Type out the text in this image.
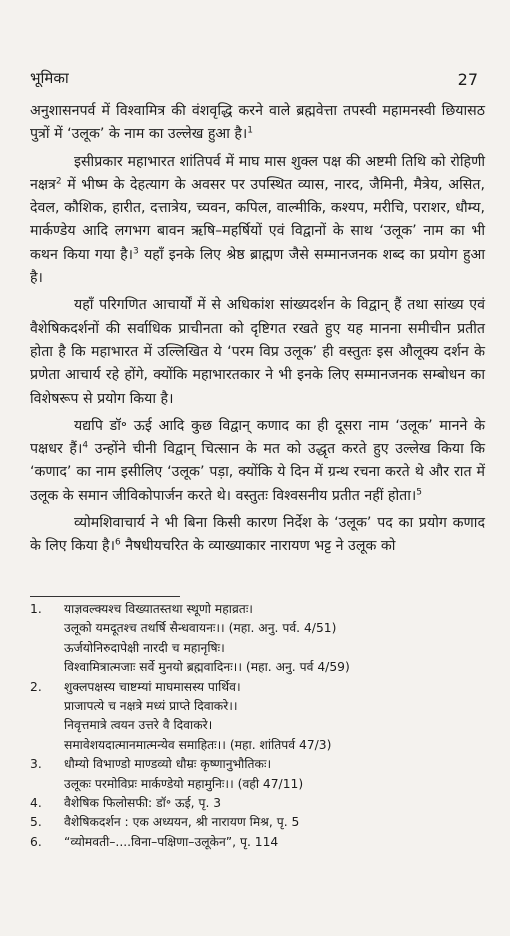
भूमिका	27

अनुशासनपर्व में विश्वामित्र की वंशवृद्धि करने वाले ब्रह्मवेत्ता तपस्वी महामनस्वी छियासठ पुत्रों में ‘उलूक’ के नाम का उल्लेख हुआ है।$^1$

इसीप्रकार महाभारत शांतिपर्व में माघ मास शुक्ल पक्ष की अष्टमी तिथि को रोहिणी नक्षत्र$^2$ में भीष्म के देहत्याग के अवसर पर उपस्थित व्यास, नारद, जैमिनी, मैत्रेय, असित, देवल, कौशिक, हारीत, दत्तात्रेय, च्यवन, कपिल, वाल्मीकि, कश्यप, मरीचि, पराशर, धौम्य, मार्कण्डेय आदि लगभग बावन ऋषि–महर्षियों एवं विद्वानों के साथ ‘उलूक’ नाम का भी कथन किया गया है।$^3$ यहाँ इनके लिए श्रेष्ठ ब्राह्मण जैसे सम्मानजनक शब्द का प्रयोग हुआ है।

यहाँ परिगणित आचार्यों में से अधिकांश सांख्यदर्शन के विद्वान् हैं तथा सांख्य एवं वैशेषिकदर्शनों की सर्वाधिक प्राचीनता को दृष्टिगत रखते हुए यह मानना समीचीन प्रतीत होता है कि महाभारत में उल्लिखित ये ‘परम विप्र उलूक’ ही वस्तुतः इस औलूक्य दर्शन के प्रणेता आचार्य रहे होंगे, क्योंकि महाभारतकार ने भी इनके लिए सम्मानजनक सम्बोधन का विशेषरूप से प्रयोग किया है।

यद्यपि डॉ॰ ऊई आदि कुछ विद्वान् कणाद का ही दूसरा नाम ‘उलूक’ मानने के पक्षधर हैं।$^4$ उन्होंने चीनी विद्वान् चित्सान के मत को उद्धृत करते हुए उल्लेख किया कि ‘कणाद’ का नाम इसीलिए ‘उलूक’ पड़ा, क्योंकि ये दिन में ग्रन्थ रचना करते थे और रात में उलूक के समान जीविकोपार्जन करते थे। वस्तुतः विश्वसनीय प्रतीत नहीं होता।$^5$

व्योमशिवाचार्य ने भी बिना किसी कारण निर्देश के ‘उलूक’ पद का प्रयोग कणाद के लिए किया है।$^6$ नैषधीयचरित के व्याख्याकार नारायण भट्ट ने उलूक को

1.	याज्ञवल्क्यश्च विख्यातस्तथा स्थूणो महाव्रतः।
उलूको यमदूतश्च तथर्षि सैन्धवायनः।। (महा. अनु. पर्व. 4/51)
ऊर्जयोनिरुदापेक्षी नारदी च महानृषिः।
विश्वामित्रात्मजाः सर्वे मुनयो ब्रह्मवादिनः।। (महा. अनु. पर्व 4/59)
2.	शुक्लपक्षस्य चाष्टम्यां माघमासस्य पार्थिव।
प्राजापत्ये च नक्षत्रे मध्यं प्राप्ते दिवाकरे।।
निवृत्तमात्रे त्वयन उत्तरे वै दिवाकरे।
समावेशयदात्मानमात्मन्येव समाहितः।। (महा. शांतिपर्व 47/3)
3.	धौम्यो विभाण्डो माण्डव्यो धौम्रः कृष्णानुभौतिकः।
उलूकः परमोविप्रः मार्कण्डेयो महामुनिः।। (वही 47/11)
4.	वैशेषिक फिलोसफी: डॉ॰ ऊई, पृ. 3
5.	वैशेषिकदर्शन : एक अध्ययन, श्री नारायण मिश्र, पृ. 5
6.	“व्योमवती–....विना–पक्षिणा–उलूकेन”, पृ. 114
